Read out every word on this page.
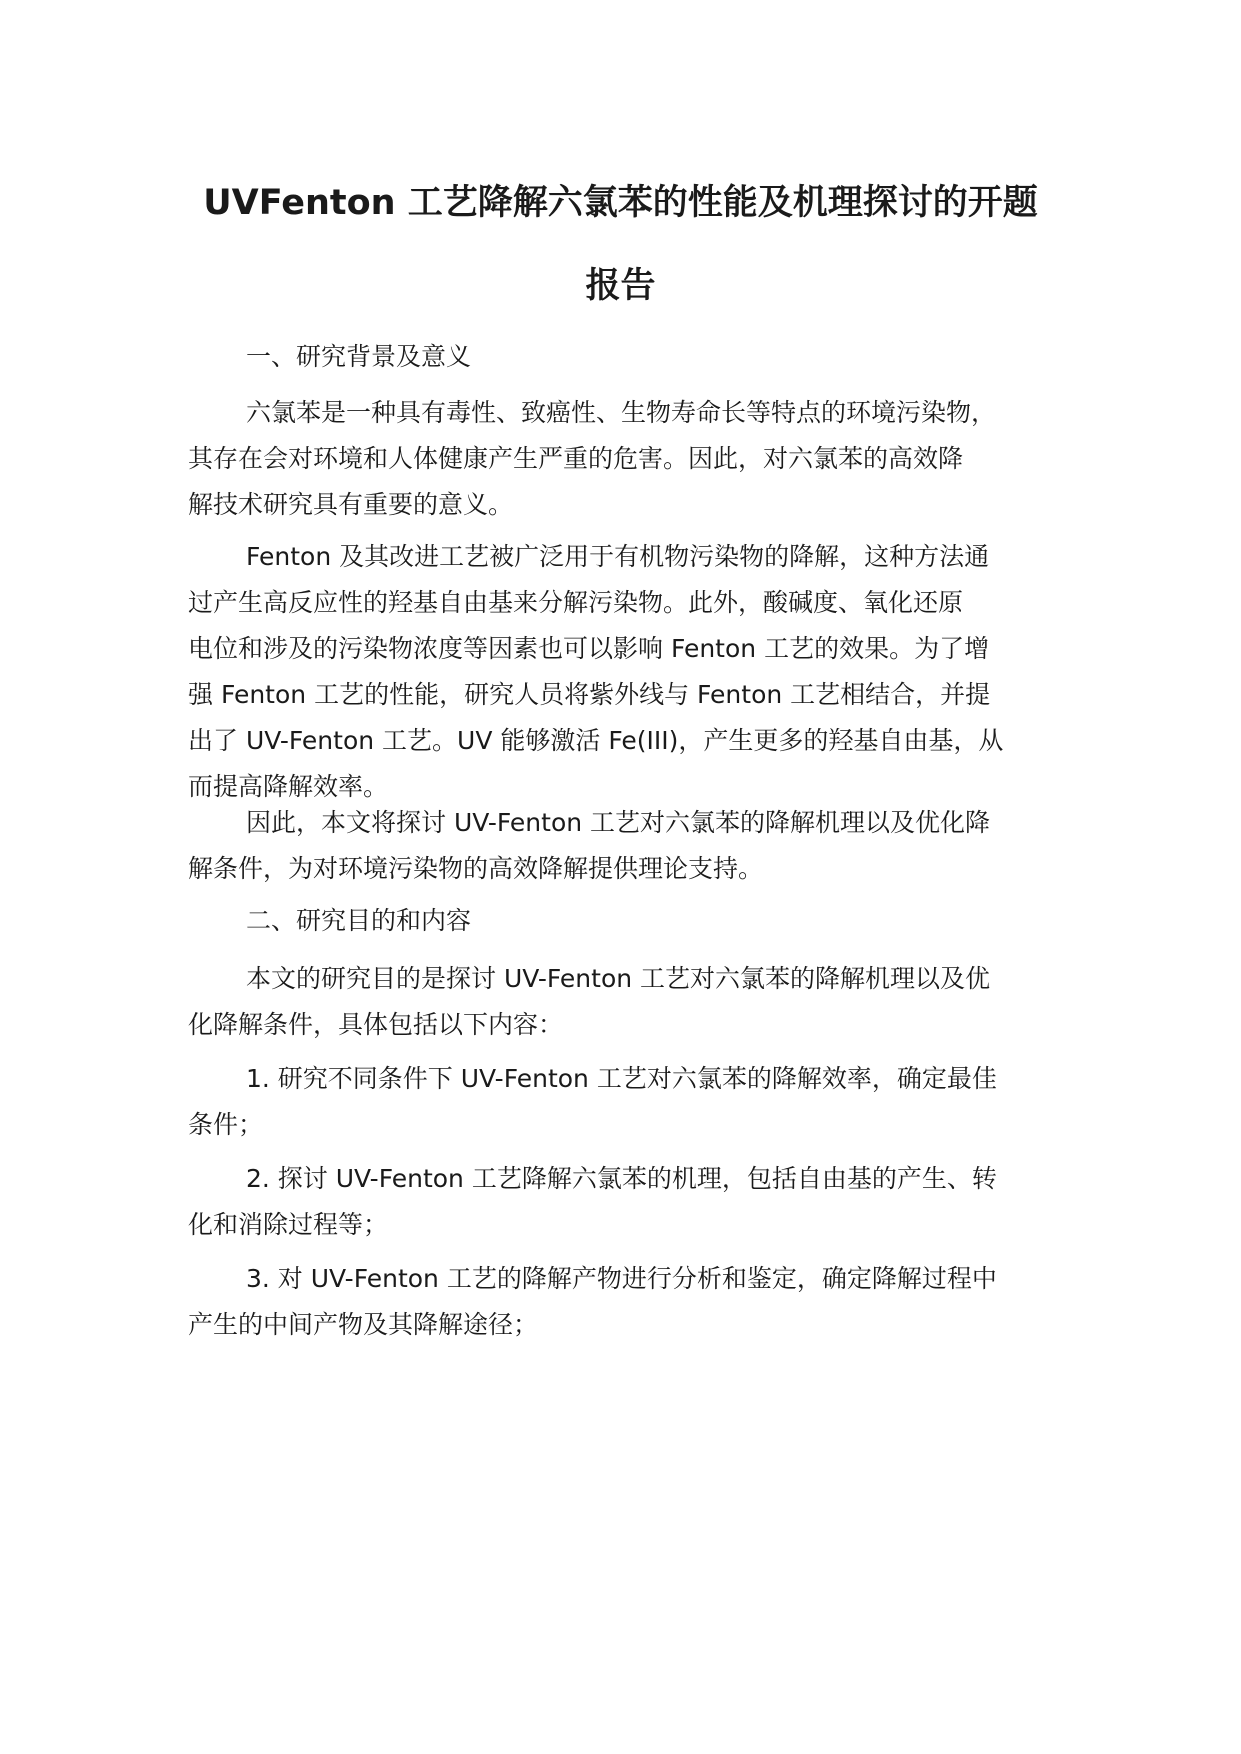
UVFenton 工艺降解六氯苯的性能及机理探讨的开题
报告
一、研究背景及意义
六氯苯是一种具有毒性、致癌性、生物寿命长等特点的环境污染物，
其存在会对环境和人体健康产生严重的危害。因此，对六氯苯的高效降
解技术研究具有重要的意义。
Fenton 及其改进工艺被广泛用于有机物污染物的降解，这种方法通
过产生高反应性的羟基自由基来分解污染物。此外，酸碱度、氧化还原
电位和涉及的污染物浓度等因素也可以影响 Fenton 工艺的效果。为了增
强 Fenton 工艺的性能，研究人员将紫外线与 Fenton 工艺相结合，并提
出了 UV-Fenton 工艺。UV 能够激活 Fe(III)，产生更多的羟基自由基，从
而提高降解效率。
因此，本文将探讨 UV-Fenton 工艺对六氯苯的降解机理以及优化降
解条件，为对环境污染物的高效降解提供理论支持。
二、研究目的和内容
本文的研究目的是探讨 UV-Fenton 工艺对六氯苯的降解机理以及优
化降解条件，具体包括以下内容：
1. 研究不同条件下 UV-Fenton 工艺对六氯苯的降解效率，确定最佳
条件；
2. 探讨 UV-Fenton 工艺降解六氯苯的机理，包括自由基的产生、转
化和消除过程等；
3. 对 UV-Fenton 工艺的降解产物进行分析和鉴定，确定降解过程中
产生的中间产物及其降解途径；
